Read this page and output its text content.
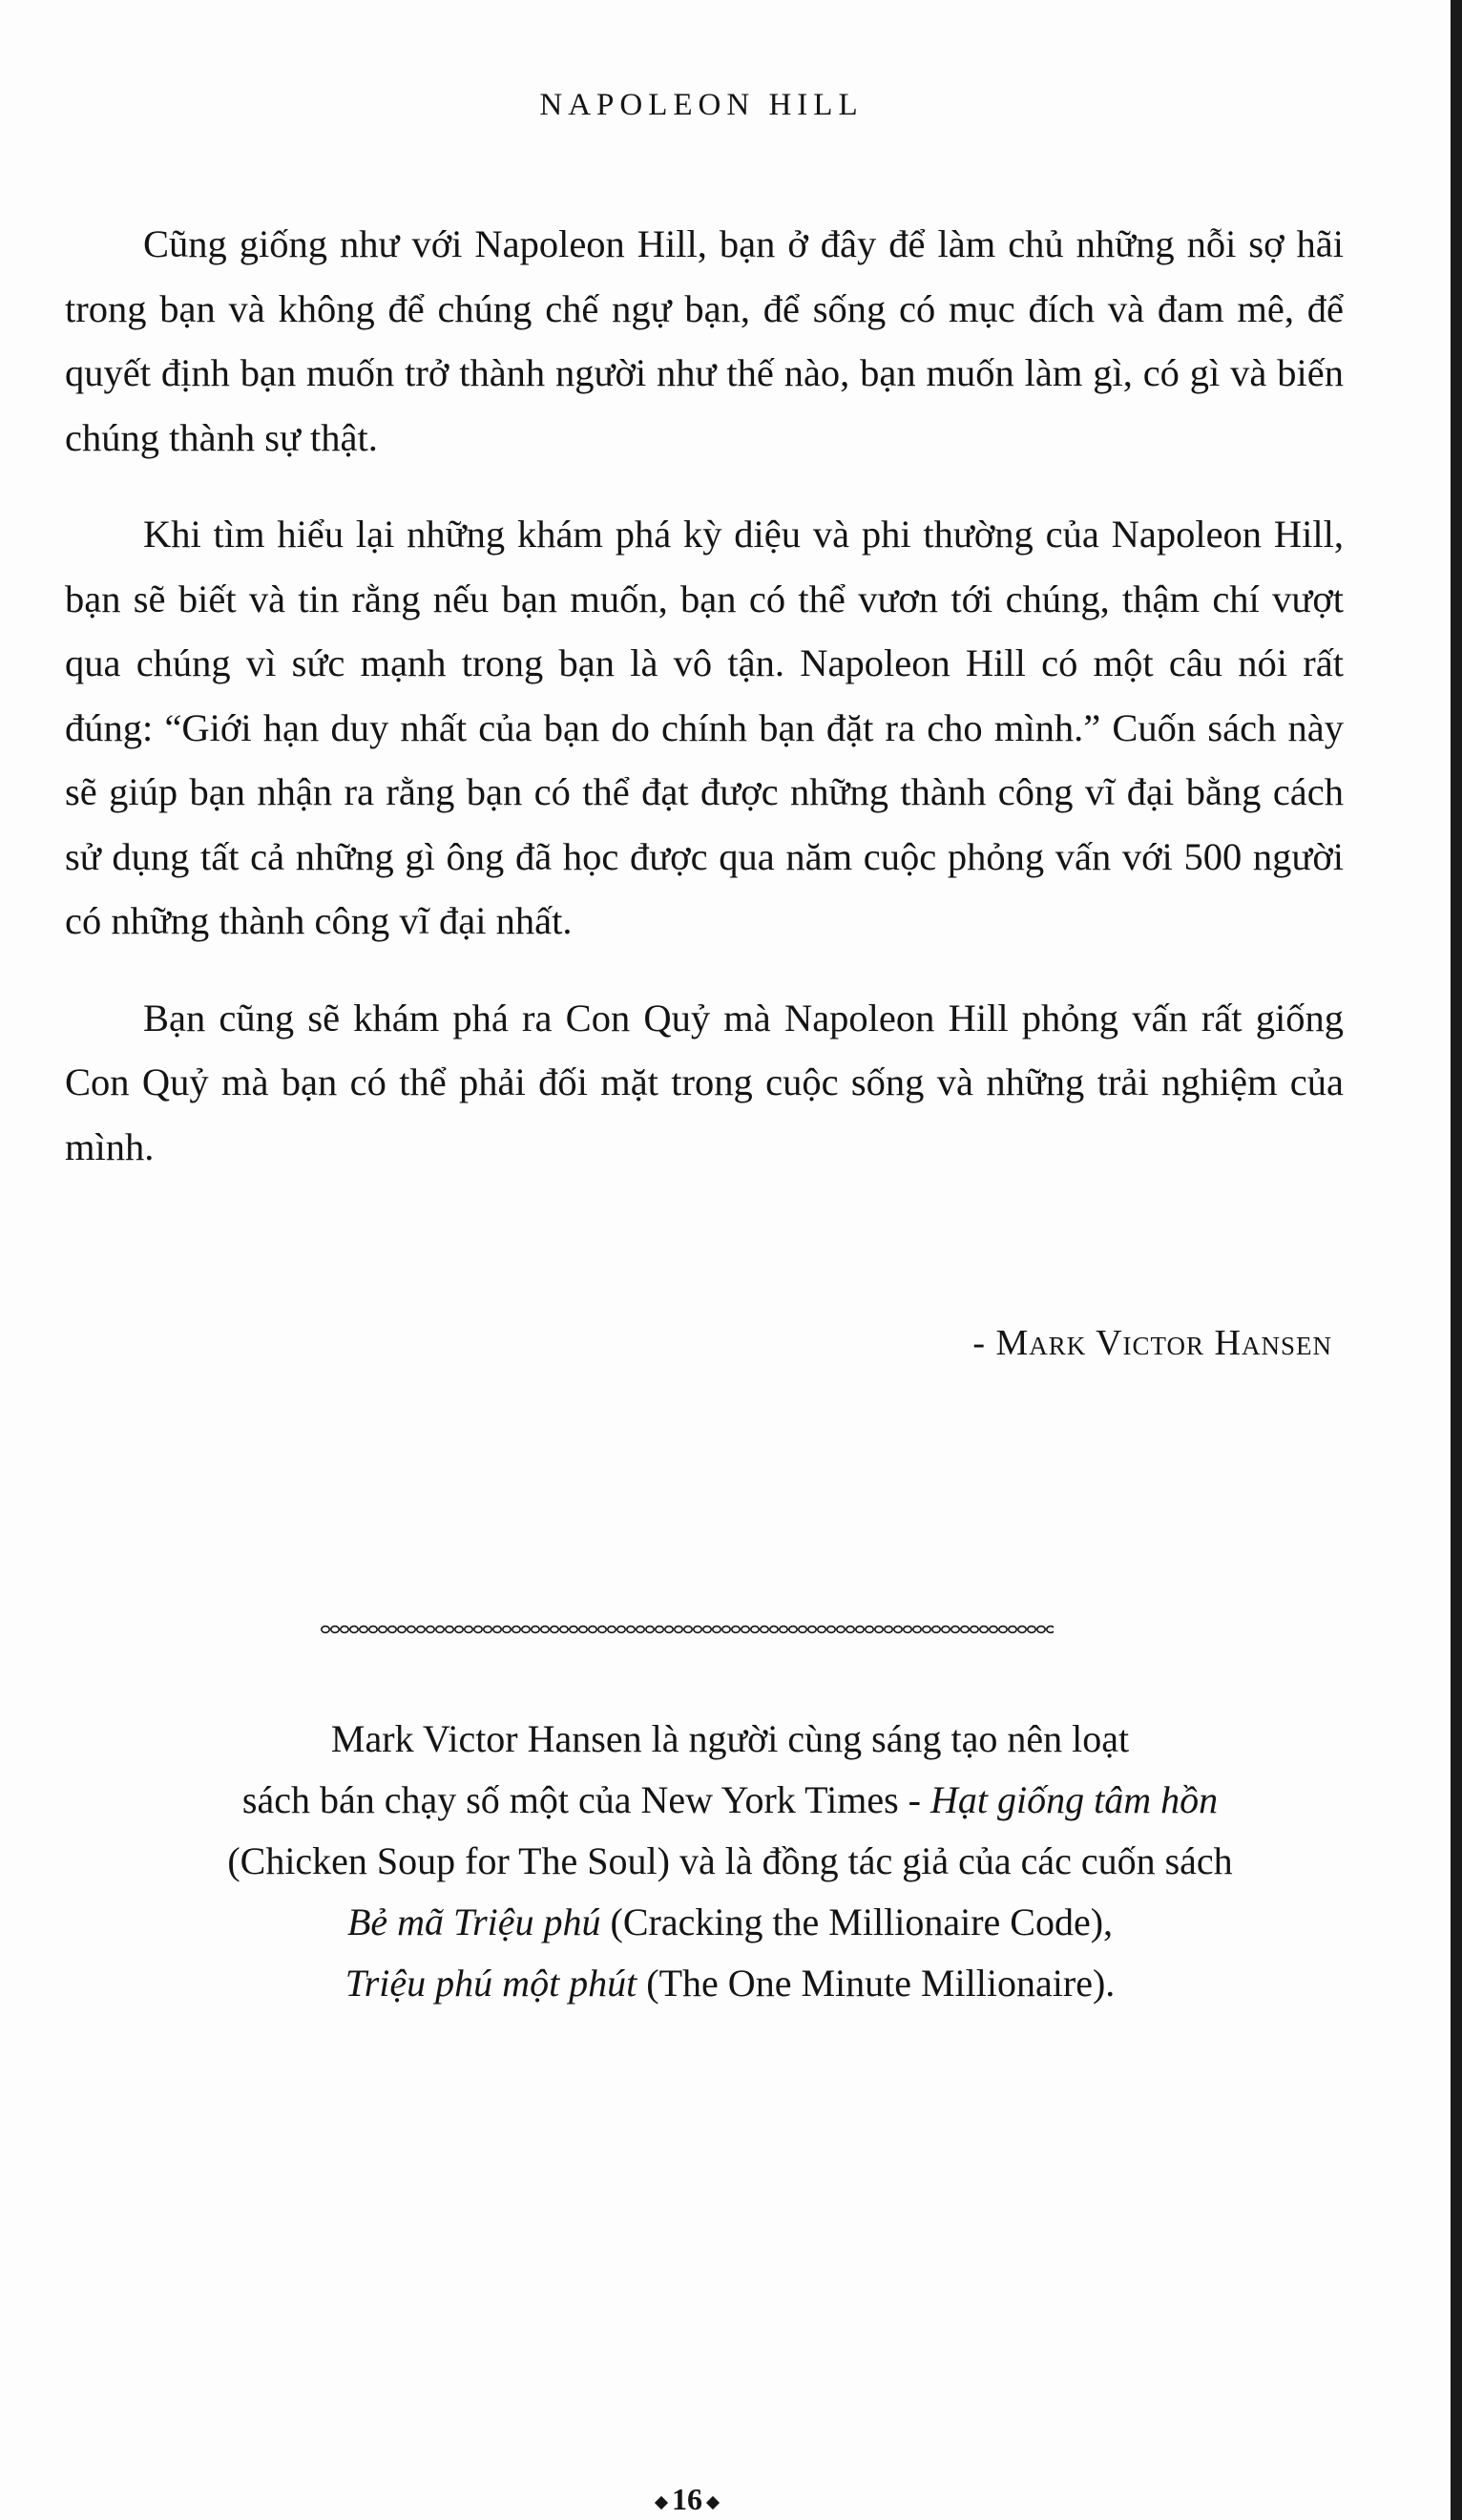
NAPOLEON HILL

Cũng giống như với Napoleon Hill, bạn ở đây để làm chủ những nỗi sợ hãi trong bạn và không để chúng chế ngự bạn, để sống có mục đích và đam mê, để quyết định bạn muốn trở thành người như thế nào, bạn muốn làm gì, có gì và biến chúng thành sự thật.

Khi tìm hiểu lại những khám phá kỳ diệu và phi thường của Napoleon Hill, bạn sẽ biết và tin rằng nếu bạn muốn, bạn có thể vươn tới chúng, thậm chí vượt qua chúng vì sức mạnh trong bạn là vô tận. Napoleon Hill có một câu nói rất đúng: “Giới hạn duy nhất của bạn do chính bạn đặt ra cho mình.” Cuốn sách này sẽ giúp bạn nhận ra rằng bạn có thể đạt được những thành công vĩ đại bằng cách sử dụng tất cả những gì ông đã học được qua năm cuộc phỏng vấn với 500 người có những thành công vĩ đại nhất.

Bạn cũng sẽ khám phá ra Con Quỷ mà Napoleon Hill phỏng vấn rất giống Con Quỷ mà bạn có thể phải đối mặt trong cuộc sống và những trải nghiệm của mình.

- Mark Victor Hansen
Mark Victor Hansen là người cùng sáng tạo nên loạt
sách bán chạy số một của New York Times - Hạt giống tâm hồn
(Chicken Soup for The Soul) và là đồng tác giả của các cuốn sách
Bẻ mã Triệu phú (Cracking the Millionaire Code),
Triệu phú một phút (The One Minute Millionaire).
16
